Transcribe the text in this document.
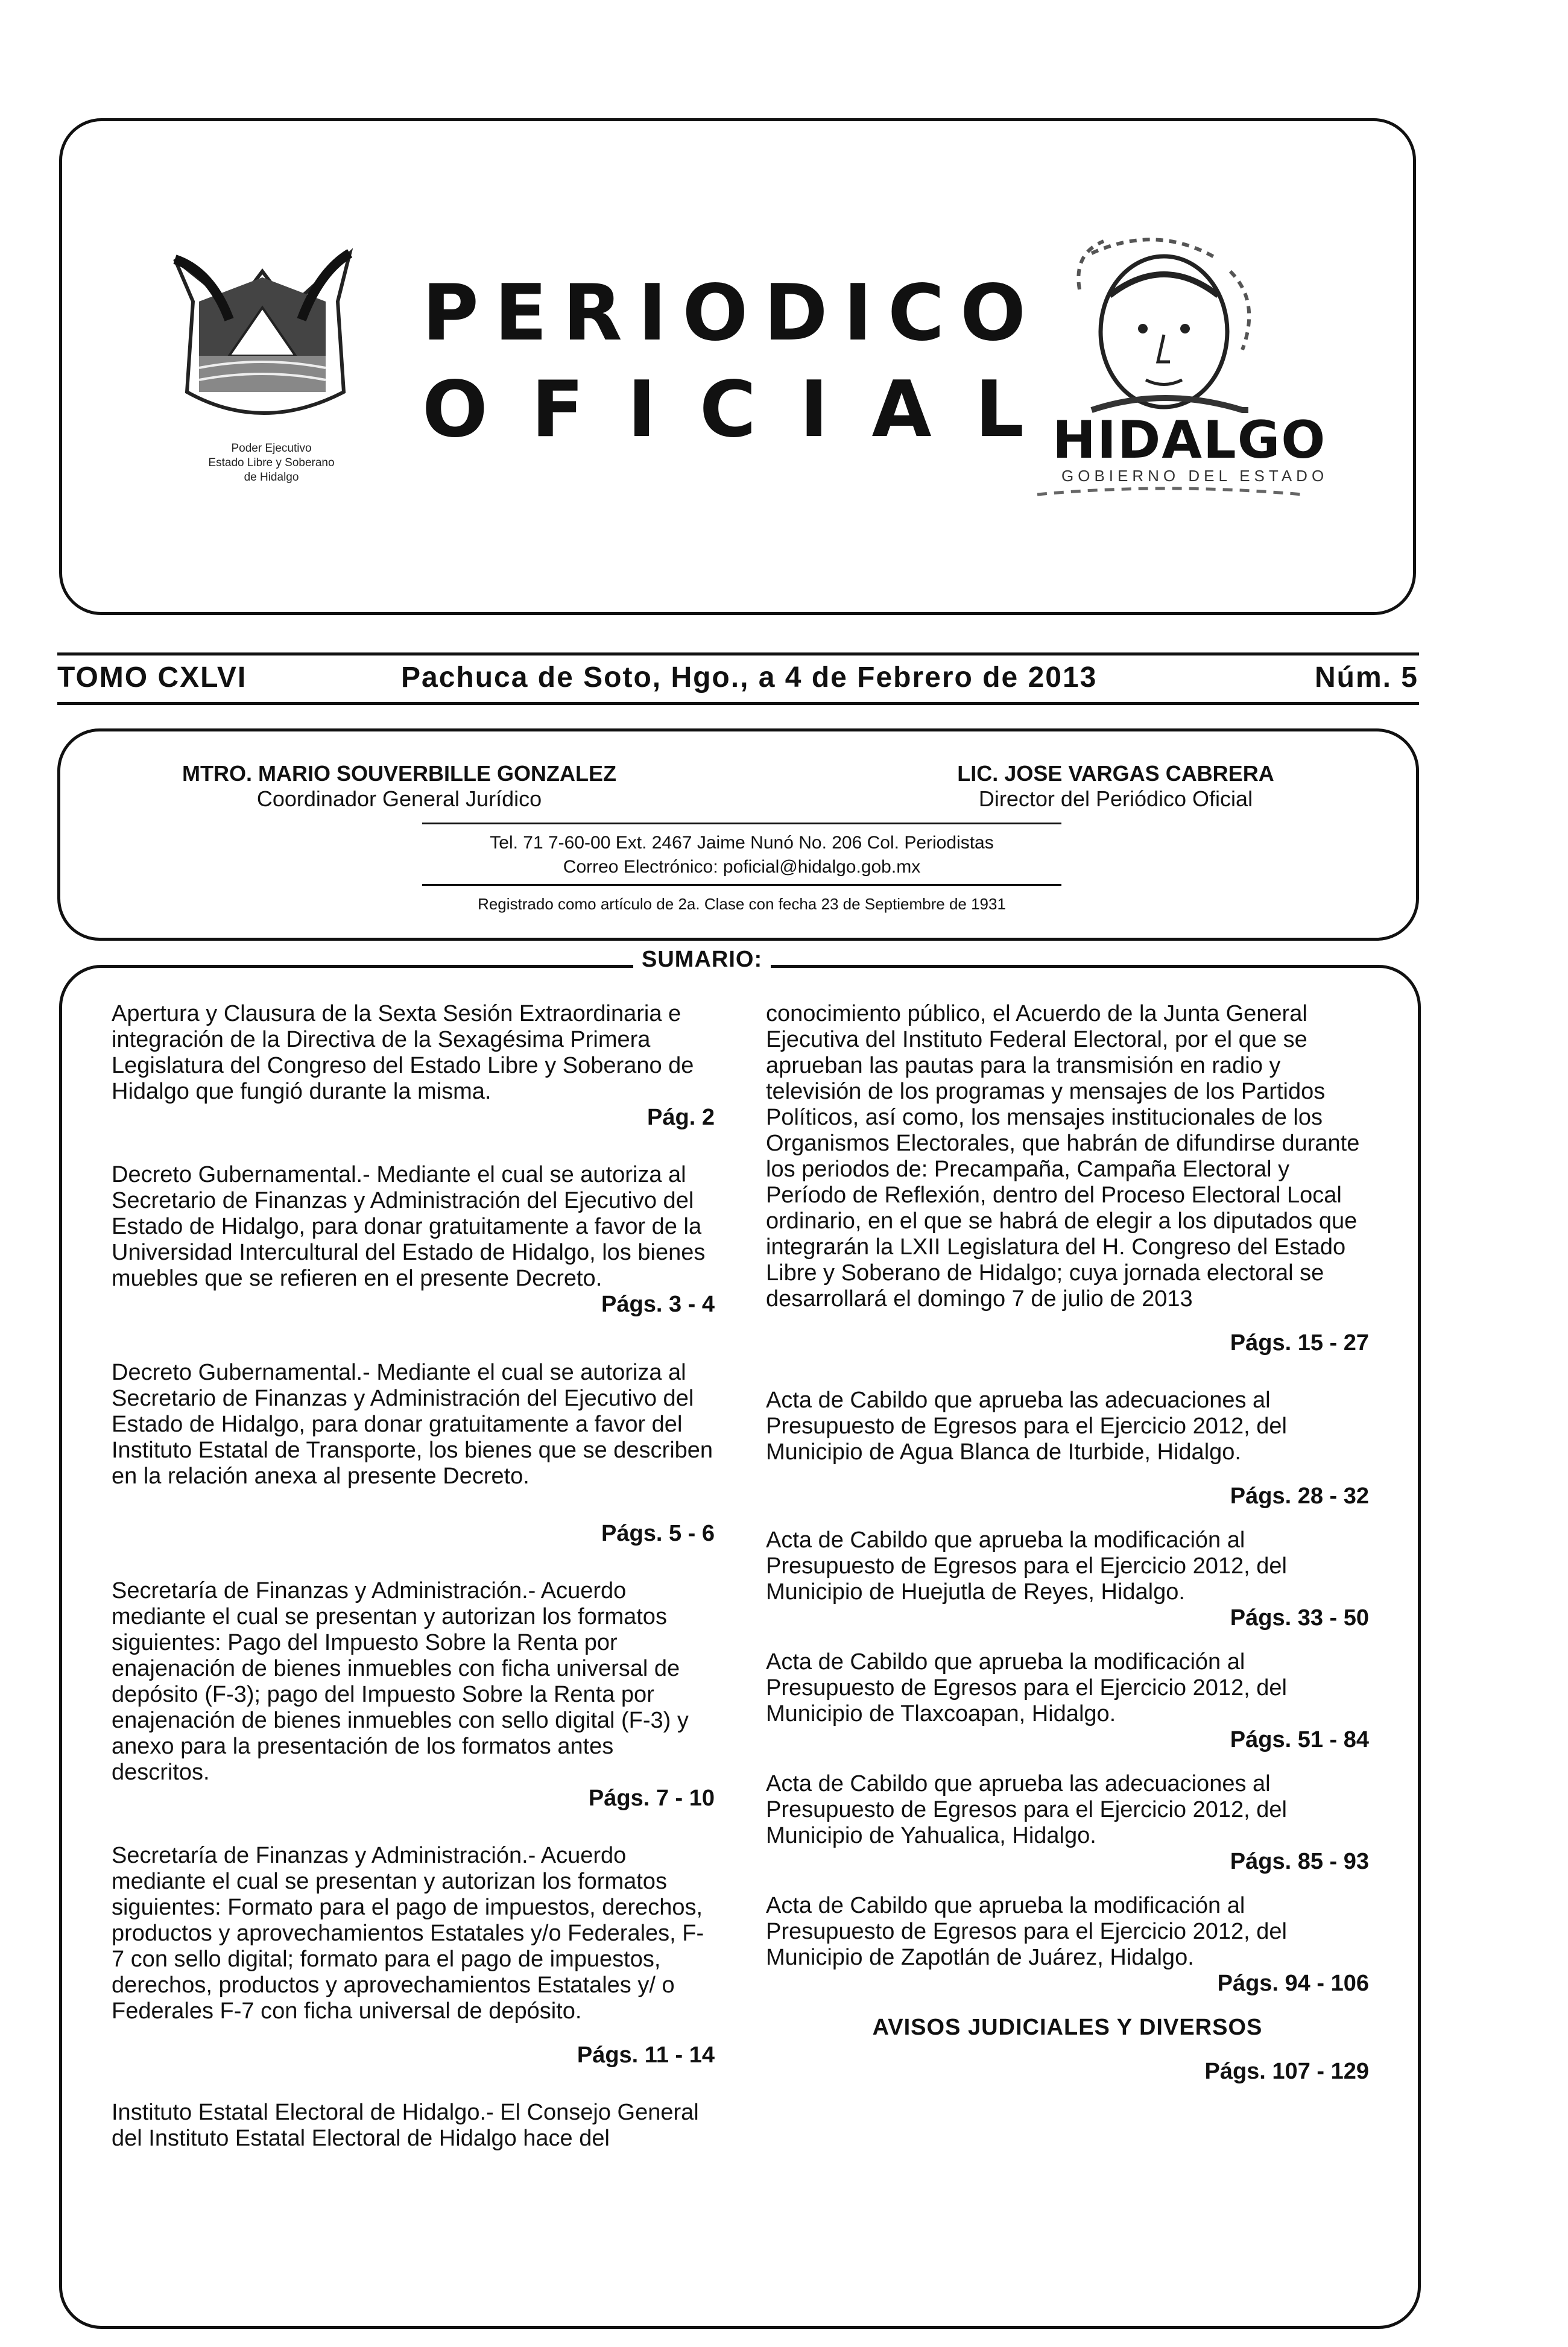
Poder Ejecutivo
Estado Libre y Soberano
de Hidalgo
PERIODICO
OFICIAL
HIDALGO
GOBIERNO DEL ESTADO
TOMO CXLVI	Pachuca de Soto, Hgo., a 4 de Febrero de 2013	Núm. 5
MTRO. MARIO SOUVERBILLE GONZALEZ
Coordinador General Jurídico
LIC. JOSE VARGAS CABRERA
Director del Periódico Oficial
Tel. 71 7-60-00 Ext. 2467 Jaime Nunó No. 206 Col. Periodistas
Correo Electrónico: poficial@hidalgo.gob.mx
Registrado como artículo de 2a. Clase con fecha 23 de Septiembre de 1931
SUMARIO:

Apertura y Clausura de la Sexta Sesión Extraordinaria e integración de la Directiva de la Sexagésima Primera Legislatura del Congreso del Estado Libre y Soberano de Hidalgo que fungió durante la misma.

Pág. 2

Decreto Gubernamental.- Mediante el cual se autoriza al Secretario de Finanzas y Administración del Ejecutivo del Estado de Hidalgo, para donar gratuitamente a favor de la Universidad Intercultural del Estado de Hidalgo, los bienes muebles que se refieren en el presente Decreto.

Págs. 3 - 4

Decreto Gubernamental.- Mediante el cual se autoriza al Secretario de Finanzas y Administración del Ejecutivo del Estado de Hidalgo, para donar gratuitamente a favor del Instituto Estatal de Transporte, los bienes que se describen en la relación anexa al presente Decreto.

Págs. 5 - 6

Secretaría de Finanzas y Administración.- Acuerdo mediante el cual se presentan y autorizan los formatos siguientes: Pago del Impuesto Sobre la Renta por enajenación de bienes inmuebles con ficha universal de depósito (F-3); pago del Impuesto Sobre la Renta por enajenación de bienes inmuebles con sello digital (F-3) y anexo para la presentación de los formatos antes descritos.

Págs. 7 - 10

Secretaría de Finanzas y Administración.- Acuerdo mediante el cual se presentan y autorizan los formatos siguientes: Formato para el pago de impuestos, derechos, productos y aprovechamientos Estatales y/o Federales, F-7 con sello digital; formato para el pago de impuestos, derechos, productos y aprovechamientos Estatales y/ o Federales F-7 con ficha universal de depósito.

Págs. 11 - 14

Instituto Estatal Electoral de Hidalgo.- El Consejo General del Instituto Estatal Electoral de Hidalgo hace del

conocimiento público, el Acuerdo de la Junta General Ejecutiva del Instituto Federal Electoral, por el que se aprueban las pautas para la transmisión en radio y televisión de los programas y mensajes de los Partidos Políticos, así como, los mensajes institucionales de los Organismos Electorales, que habrán de difundirse durante los periodos de: Precampaña, Campaña Electoral y Período de Reflexión, dentro del Proceso Electoral Local ordinario, en el que se habrá de elegir a los diputados que integrarán la LXII Legislatura del H. Congreso del Estado Libre y Soberano de Hidalgo; cuya jornada electoral se desarrollará el domingo 7 de julio de 2013

Págs. 15 - 27

Acta de Cabildo que aprueba las adecuaciones al Presupuesto de Egresos para el Ejercicio 2012, del Municipio de Agua Blanca de Iturbide, Hidalgo.

Págs. 28 - 32

Acta de Cabildo que aprueba la modificación al Presupuesto de Egresos para el Ejercicio 2012, del Municipio de Huejutla de Reyes, Hidalgo.

Págs. 33 - 50

Acta de Cabildo que aprueba la modificación al Presupuesto de Egresos para el Ejercicio 2012, del Municipio de Tlaxcoapan, Hidalgo.

Págs. 51 - 84

Acta de Cabildo que aprueba las adecuaciones al Presupuesto de Egresos para el Ejercicio 2012, del Municipio de Yahualica, Hidalgo.

Págs. 85 - 93

Acta de Cabildo que aprueba la modificación al Presupuesto de Egresos para el Ejercicio 2012, del Municipio de Zapotlán de Juárez, Hidalgo.

Págs. 94 - 106

AVISOS JUDICIALES Y DIVERSOS

Págs. 107 - 129
